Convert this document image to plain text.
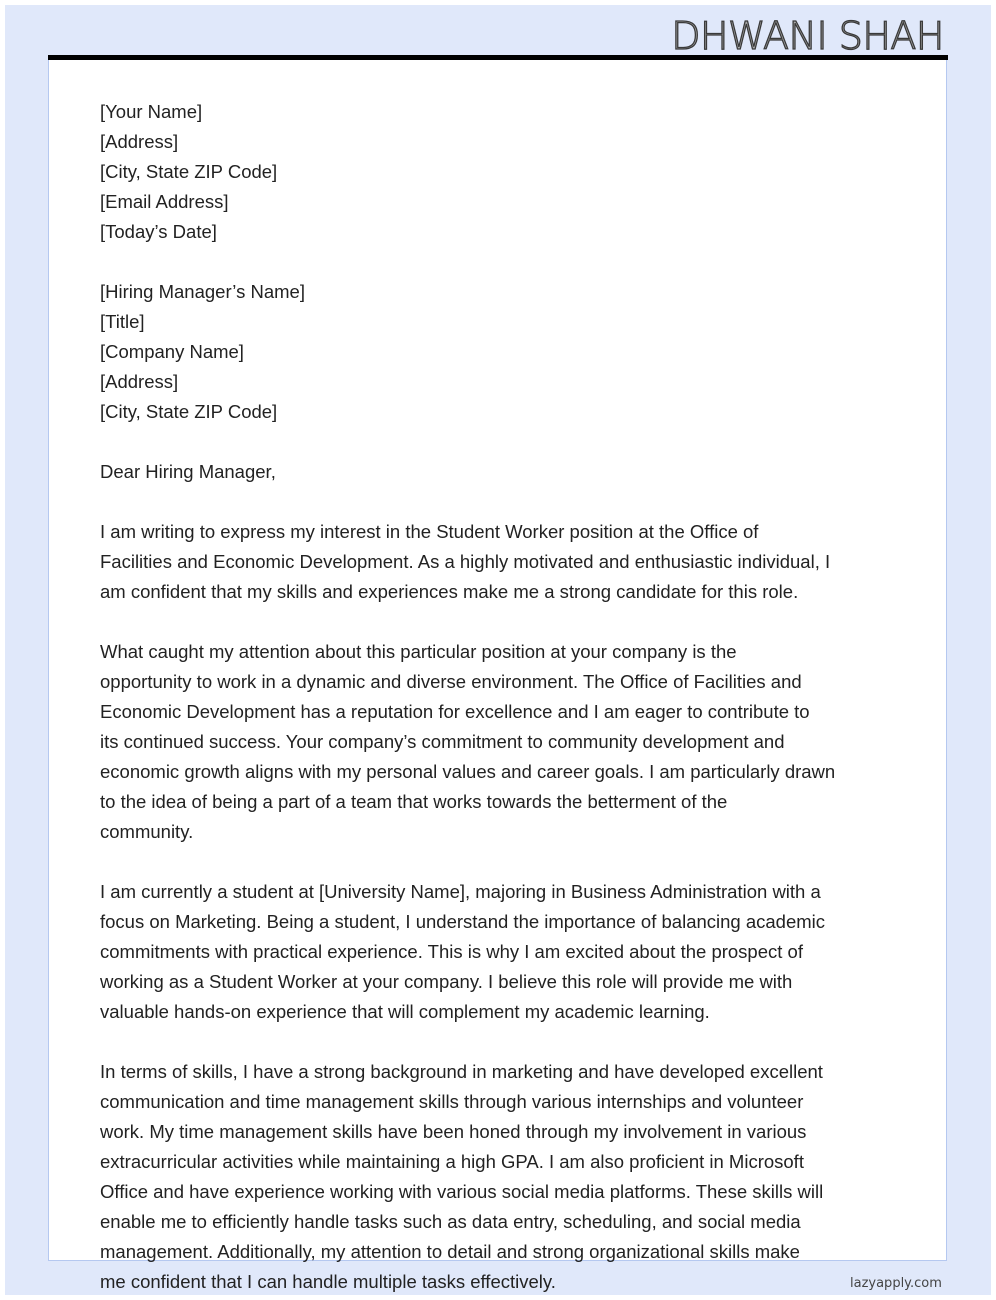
DHWANI SHAH
[Your Name]
[Address]
[City, State ZIP Code]
[Email Address]
[Today’s Date]
[Hiring Manager’s Name]
[Title]
[Company Name]
[Address]
[City, State ZIP Code]
Dear Hiring Manager,
I am writing to express my interest in the Student Worker position at the Office of
Facilities and Economic Development. As a highly motivated and enthusiastic individual, I
am confident that my skills and experiences make me a strong candidate for this role.
What caught my attention about this particular position at your company is the
opportunity to work in a dynamic and diverse environment. The Office of Facilities and
Economic Development has a reputation for excellence and I am eager to contribute to
its continued success. Your company’s commitment to community development and
economic growth aligns with my personal values and career goals. I am particularly drawn
to the idea of being a part of a team that works towards the betterment of the
community.
I am currently a student at [University Name], majoring in Business Administration with a
focus on Marketing. Being a student, I understand the importance of balancing academic
commitments with practical experience. This is why I am excited about the prospect of
working as a Student Worker at your company. I believe this role will provide me with
valuable hands-on experience that will complement my academic learning.
In terms of skills, I have a strong background in marketing and have developed excellent
communication and time management skills through various internships and volunteer
work. My time management skills have been honed through my involvement in various
extracurricular activities while maintaining a high GPA. I am also proficient in Microsoft
Office and have experience working with various social media platforms. These skills will
enable me to efficiently handle tasks such as data entry, scheduling, and social media
management. Additionally, my attention to detail and strong organizational skills make
me confident that I can handle multiple tasks effectively.	lazyapply.com
